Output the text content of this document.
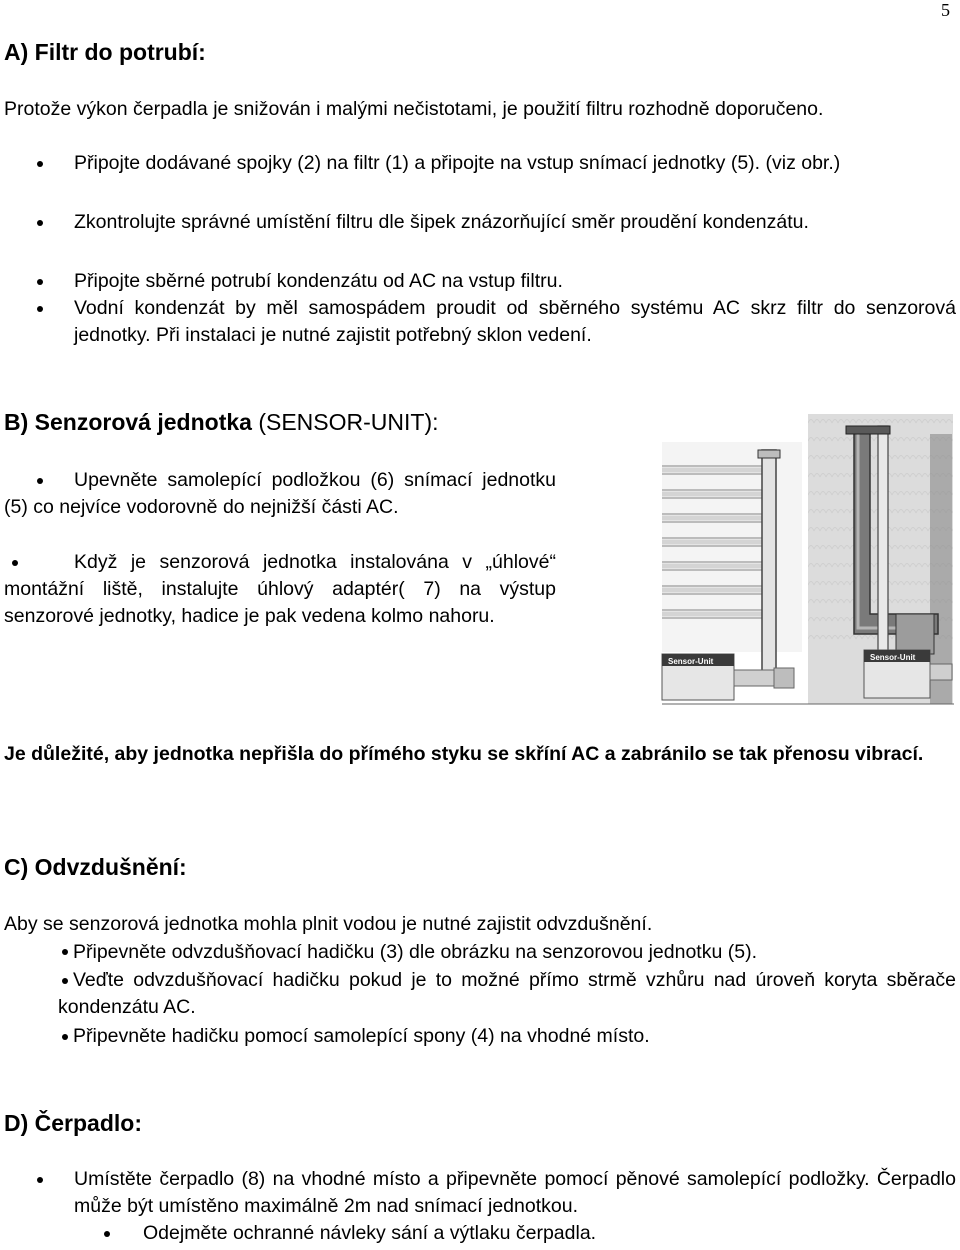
5
A) Filtr do potrubí:
Protože výkon čerpadla je snižován i malými nečistotami, je použití filtru rozhodně doporučeno.
Připojte dodávané spojky (2) na filtr (1) a připojte na vstup snímací jednotky (5). (viz obr.)
Zkontrolujte správné umístění filtru dle šipek znázorňující směr proudění kondenzátu.
Připojte sběrné potrubí kondenzátu od AC na vstup filtru.
Vodní kondenzát by měl samospádem proudit od sběrného systému AC skrz filtr do senzorová jednotky. Při instalaci je nutné zajistit potřebný sklon vedení.
B) Senzorová jednotka (SENSOR-UNIT):
Upevněte samolepící podložkou (6) snímací jednotku (5) co nejvíce vodorovně do nejnižší části AC.
Když je senzorová jednotka instalována v „úhlové“ montážní liště, instalujte úhlový adaptér( 7) na výstup senzorové jednotky, hadice je pak vedena kolmo nahoru.
Sensor-Unit	Sensor-Unit
Je důležité, aby jednotka nepřišla do přímého styku se skříní AC a zabránilo se tak přenosu vibrací.
C) Odvzdušnění:
Aby se senzorová jednotka mohla plnit vodou je nutné zajistit odvzdušnění.
Připevněte odvzdušňovací hadičku (3) dle obrázku na senzorovou jednotku (5).
Veďte odvzdušňovací hadičku pokud je to možné přímo strmě vzhůru nad úroveň koryta sběrače kondenzátu AC.
Připevněte hadičku pomocí samolepící spony (4) na vhodné místo.
D) Čerpadlo:
Umístěte čerpadlo (8) na vhodné místo a připevněte pomocí pěnové samolepící podložky. Čerpadlo může být umístěno maximálně 2m nad snímací jednotkou.
Odejměte ochranné návleky sání a výtlaku čerpadla.
